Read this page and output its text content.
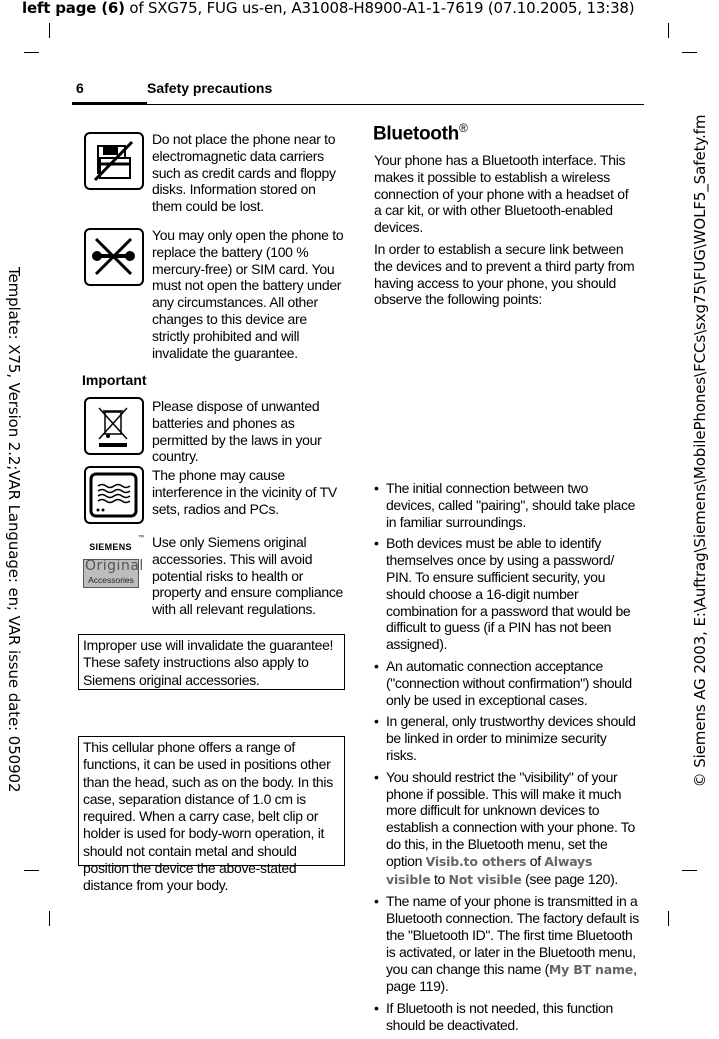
left page (6) of SXG75, FUG us-en, A31008-H8900-A1-1-7619 (07.10.2005, 13:38)
Template: X75, Version 2.2;VAR Language: en; VAR issue date: 050902	© Siemens AG 2003, E:\Auftrag\Siemens\MobilePhones\FCCs\sxg75\FUG\WOLF5_Safety.fm
6	Safety precautions
Do not place the phone near to electromagnetic data carriers such as credit cards and floppy disks. Information stored on them could be lost.
You may only open the phone to replace the battery (100 % mercury-free) or SIM card. You must not open the battery under any circumstances. All other changes to this device are strictly prohibited and will invalidate the guarantee.
Important
Please dispose of unwanted batteries and phones as permitted by the laws in your country.
The phone may cause interference in the vicinity of TV sets, radios and PCs.
SIEMENS
™
Original
Accessories
Use only Siemens original accessories. This will avoid potential risks to health or property and ensure compliance with all relevant regulations.
Improper use will invalidate the guarantee! These safety instructions also apply to Siemens original accessories.
This cellular phone offers a range of functions, it can be used in positions other than the head, such as on the body. In this case, separation distance of 1.0 cm is required. When a carry case, belt clip or holder is used for body-worn operation, it should not contain metal and should position the device the above-stated distance from your body.
Bluetooth®
Your phone has a Bluetooth interface. This makes it possible to establish a wireless connection of your phone with a headset of a car kit, or with other Bluetooth-enabled devices.
In order to establish a secure link between the devices and to prevent a third party from having access to your phone, you should observe the following points:
• The initial connection between two devices, called "pairing", should take place in familiar surroundings.
• Both devices must be able to identify themselves once by using a password/ PIN. To ensure sufficient security, you should choose a 16-digit number combination for a password that would be difficult to guess (if a PIN has not been assigned).
• An automatic connection acceptance ("connection without confirmation") should only be used in exceptional cases.
• In general, only trustworthy devices should be linked in order to minimize security risks.
• You should restrict the "visibility" of your phone if possible. This will make it much more difficult for unknown devices to establish a connection with your phone. To do this, in the Bluetooth menu, set the option Visib.to others of Always visible to Not visible (see page 120).
• The name of your phone is transmitted in a Bluetooth connection. The factory default is the "Bluetooth ID". The first time Bluetooth is activated, or later in the Bluetooth menu, you can change this name (My BT name, page 119).
• If Bluetooth is not needed, this function should be deactivated.
